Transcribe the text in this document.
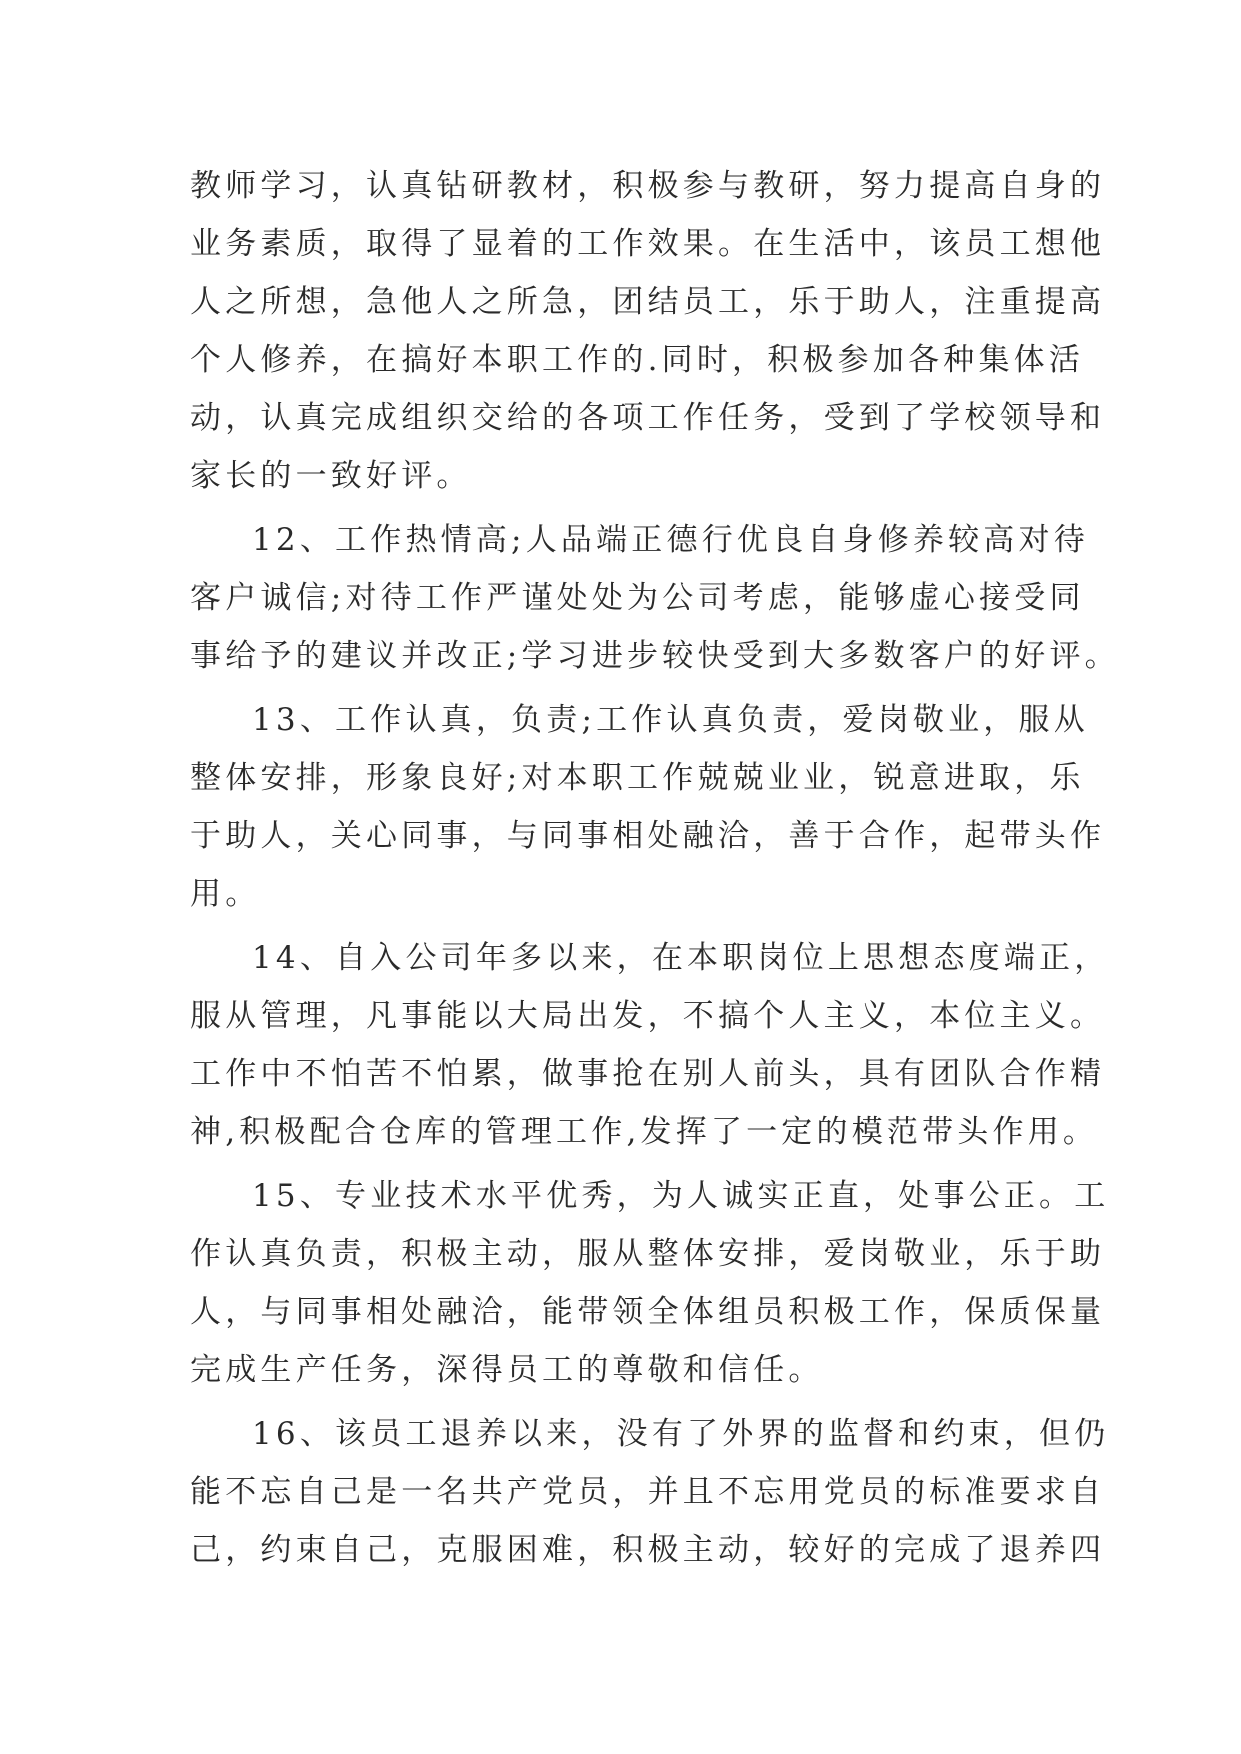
教师学习，认真钻研教材，积极参与教研，努力提高自身的
业务素质，取得了显着的工作效果。在生活中，该员工想他
人之所想，急他人之所急，团结员工，乐于助人，注重提高
个人修养，在搞好本职工作的.同时，积极参加各种集体活
动，认真完成组织交给的各项工作任务，受到了学校领导和
家长的一致好评。
12、工作热情高;人品端正德行优良自身修养较高对待
客户诚信;对待工作严谨处处为公司考虑，能够虚心接受同
事给予的建议并改正;学习进步较快受到大多数客户的好评。
13、工作认真，负责;工作认真负责，爱岗敬业，服从
整体安排，形象良好;对本职工作兢兢业业，锐意进取，乐
于助人，关心同事，与同事相处融洽，善于合作，起带头作
用。
14、自入公司年多以来，在本职岗位上思想态度端正，
服从管理，凡事能以大局出发，不搞个人主义，本位主义。
工作中不怕苦不怕累，做事抢在别人前头，具有团队合作精
神,积极配合仓库的管理工作,发挥了一定的模范带头作用。
15、专业技术水平优秀，为人诚实正直，处事公正。工
作认真负责，积极主动，服从整体安排，爱岗敬业，乐于助
人，与同事相处融洽，能带领全体组员积极工作，保质保量
完成生产任务，深得员工的尊敬和信任。
16、该员工退养以来，没有了外界的监督和约束，但仍
能不忘自己是一名共产党员，并且不忘用党员的标准要求自
己，约束自己，克服困难，积极主动，较好的完成了退养四
